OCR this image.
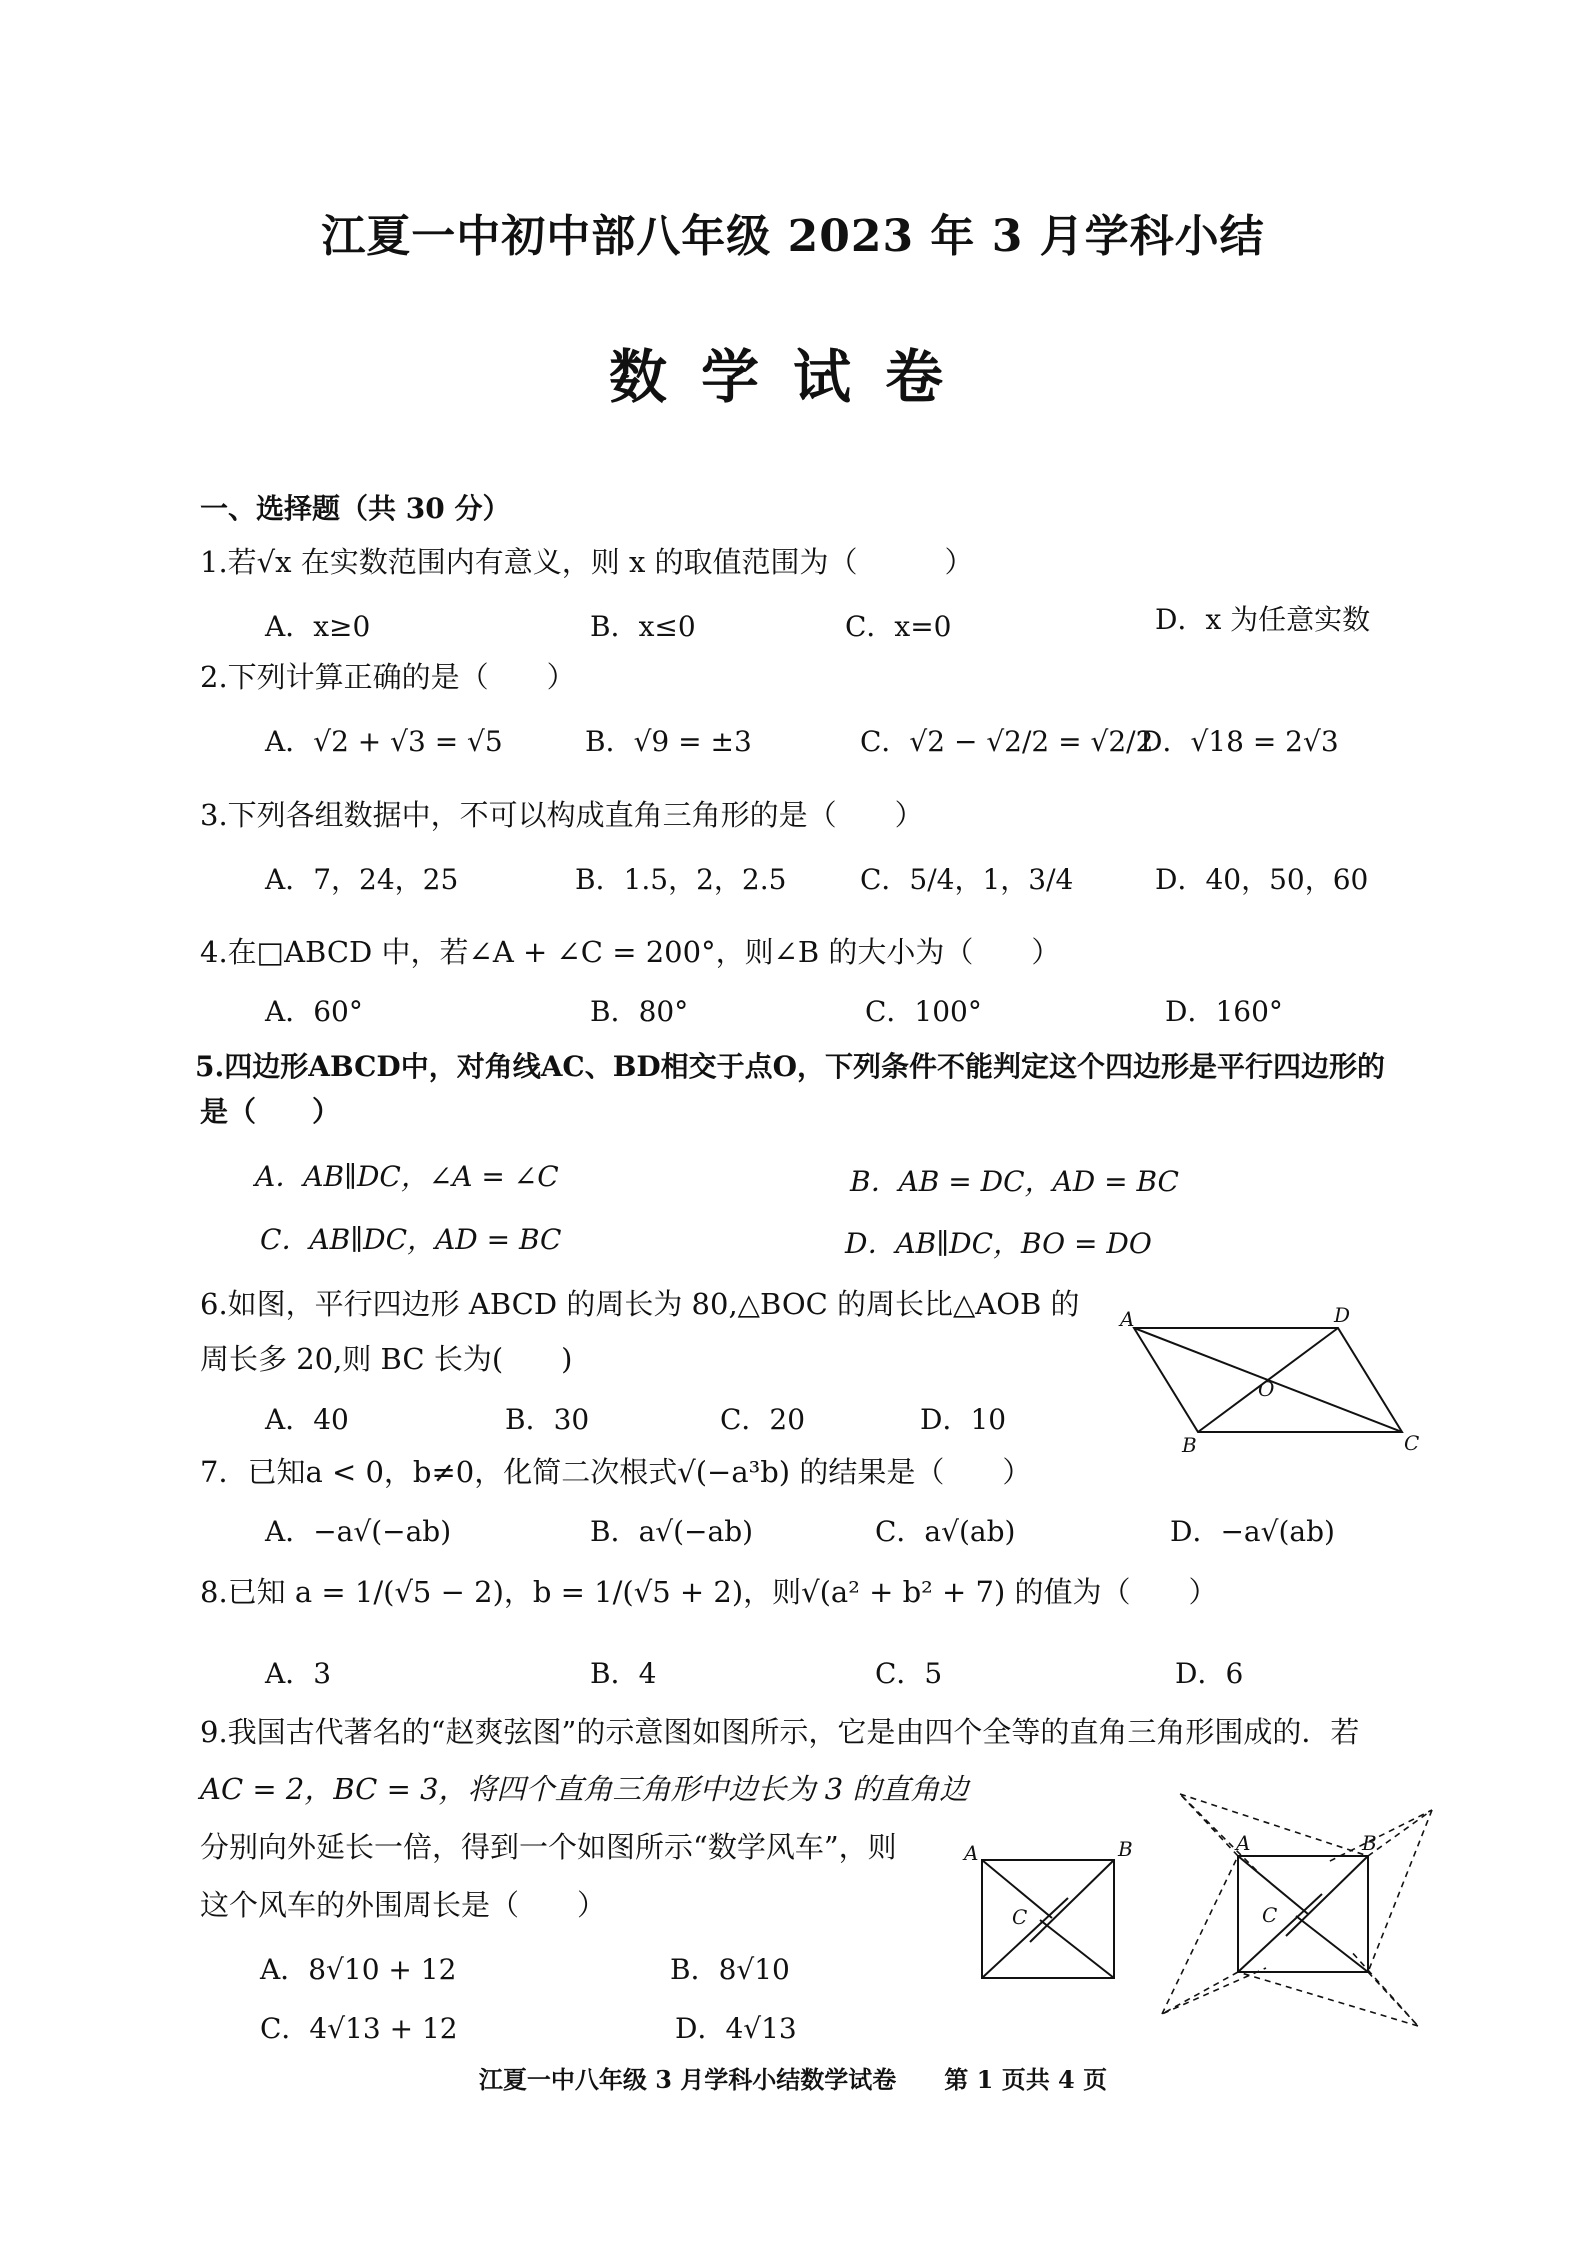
江夏一中初中部八年级 2023 年 3 月学科小结
数学试卷
一、选择题（共 30 分）
1.若√x 在实数范围内有意义，则 x 的取值范围为（　　　）
A．x≥0	B．x≤0	C．x=0	D．x 为任意实数
2.下列计算正确的是（　　）
A．√2 + √3 = √5	B．√9 = ±3	C．√2 − √2/2 = √2/2
D．√18 = 2√3
3.下列各组数据中，不可以构成直角三角形的是（　　）
A．7，24，25	B．1.5，2，2.5	C．5/4，1，3/4	D．40，50，60
4.在□ABCD 中，若∠A + ∠C = 200°，则∠B 的大小为（　　）
A．60°	B．80°	C．100°	D．160°
5.四边形ABCD中，对角线AC、BD相交于点O，下列条件不能判定这个四边形是平行四边形的
是（　　）
A．AB∥DC，∠A = ∠C	B．AB = DC，AD = BC
C．AB∥DC，AD = BC	D．AB∥DC，BO = DO
6.如图，平行四边形 ABCD 的周长为 80,△BOC 的周长比△AOB 的
周长多 20,则 BC 长为(　　)
A．40	B．30	C．20	D．10
A	D
O
B	C
7．已知a < 0，b≠0，化简二次根式√(−a³b) 的结果是（　　）
A．−a√(−ab)	B．a√(−ab)	C．a√(ab)	D．−a√(ab)
8.已知 a = 1/(√5 − 2)，b = 1/(√5 + 2)，则√(a² + b² + 7) 的值为（　　）
A．3	B．4	C．5	D．6
9.我国古代著名的“赵爽弦图”的示意图如图所示，它是由四个全等的直角三角形围成的．若
AC = 2，BC = 3，将四个直角三角形中边长为 3 的直角边
分别向外延长一倍，得到一个如图所示“数学风车”，则
这个风车的外围周长是（　　）
A．8√10 + 12	B．8√10
C．4√13 + 12	D．4√13
A	B
C
A	B
C
江夏一中八年级 3 月学科小结数学试卷　　第 1 页共 4 页
